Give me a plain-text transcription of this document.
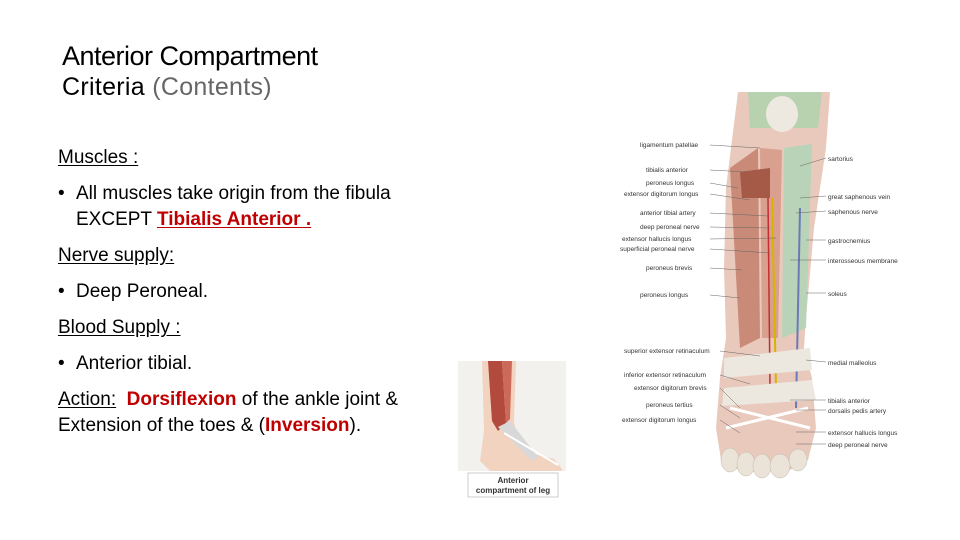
Anterior Compartment
Criteria (Contents)
Muscles :
• All muscles take origin from the fibula
EXCEPT Tibialis Anterior .
Nerve supply:
• Deep Peroneal.
Blood Supply :
• Anterior tibial.
Action: Dorsiflexion of the ankle joint &
Extension of the toes & (Inversion).
Anterior
compartment of leg
ligamentum patellae
tibialis anterior
peroneus longus
extensor digitorum longus
anterior tibial artery
deep peroneal nerve
extensor hallucis longus
superficial peroneal nerve
peroneus brevis
peroneus longus
superior extensor retinaculum
inferior extensor retinaculum
extensor digitorum brevis
peroneus tertius
extensor digitorum longus
sartorius
great saphenous vein
saphenous nerve
gastrocnemius
interosseous membrane
soleus
medial malleolus
tibialis anterior
dorsalis pedis artery
extensor hallucis longus
deep peroneal nerve
